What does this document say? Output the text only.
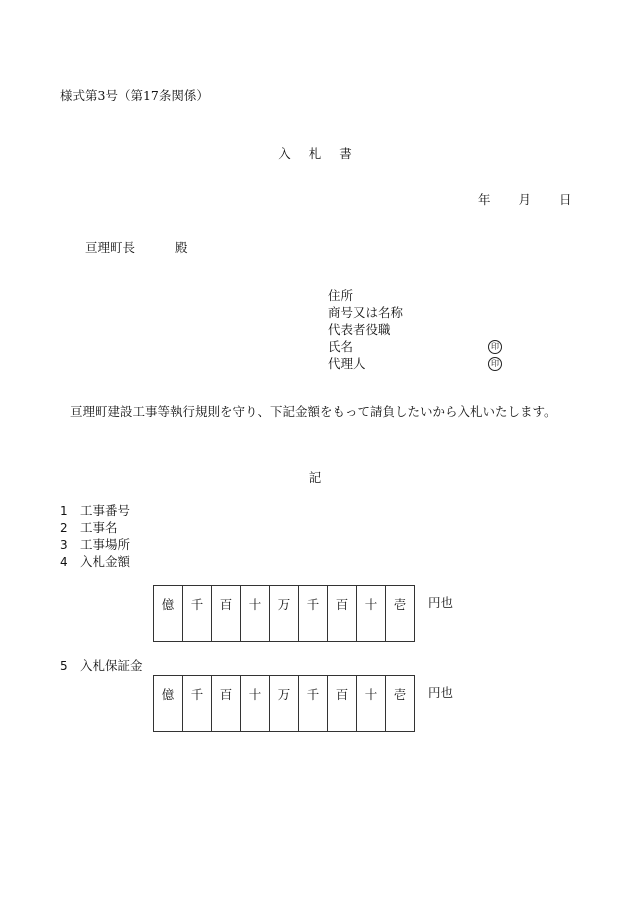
様式第3号（第17条関係）
入 札 書
年 月 日
亘理町長	殿
住所
商号又は名称
代表者役職
氏名	印
代理人	印
亘理町建設工事等執行規則を守り、下記金額をもって請負したいから入札いたします。
記
1 工事番号
2 工事名
3 工事場所
4 入札金額
億	千	百	十	万	千	百	十	壱 円也
5 入札保証金
億	千	百	十	万	千	百	十	壱 円也
